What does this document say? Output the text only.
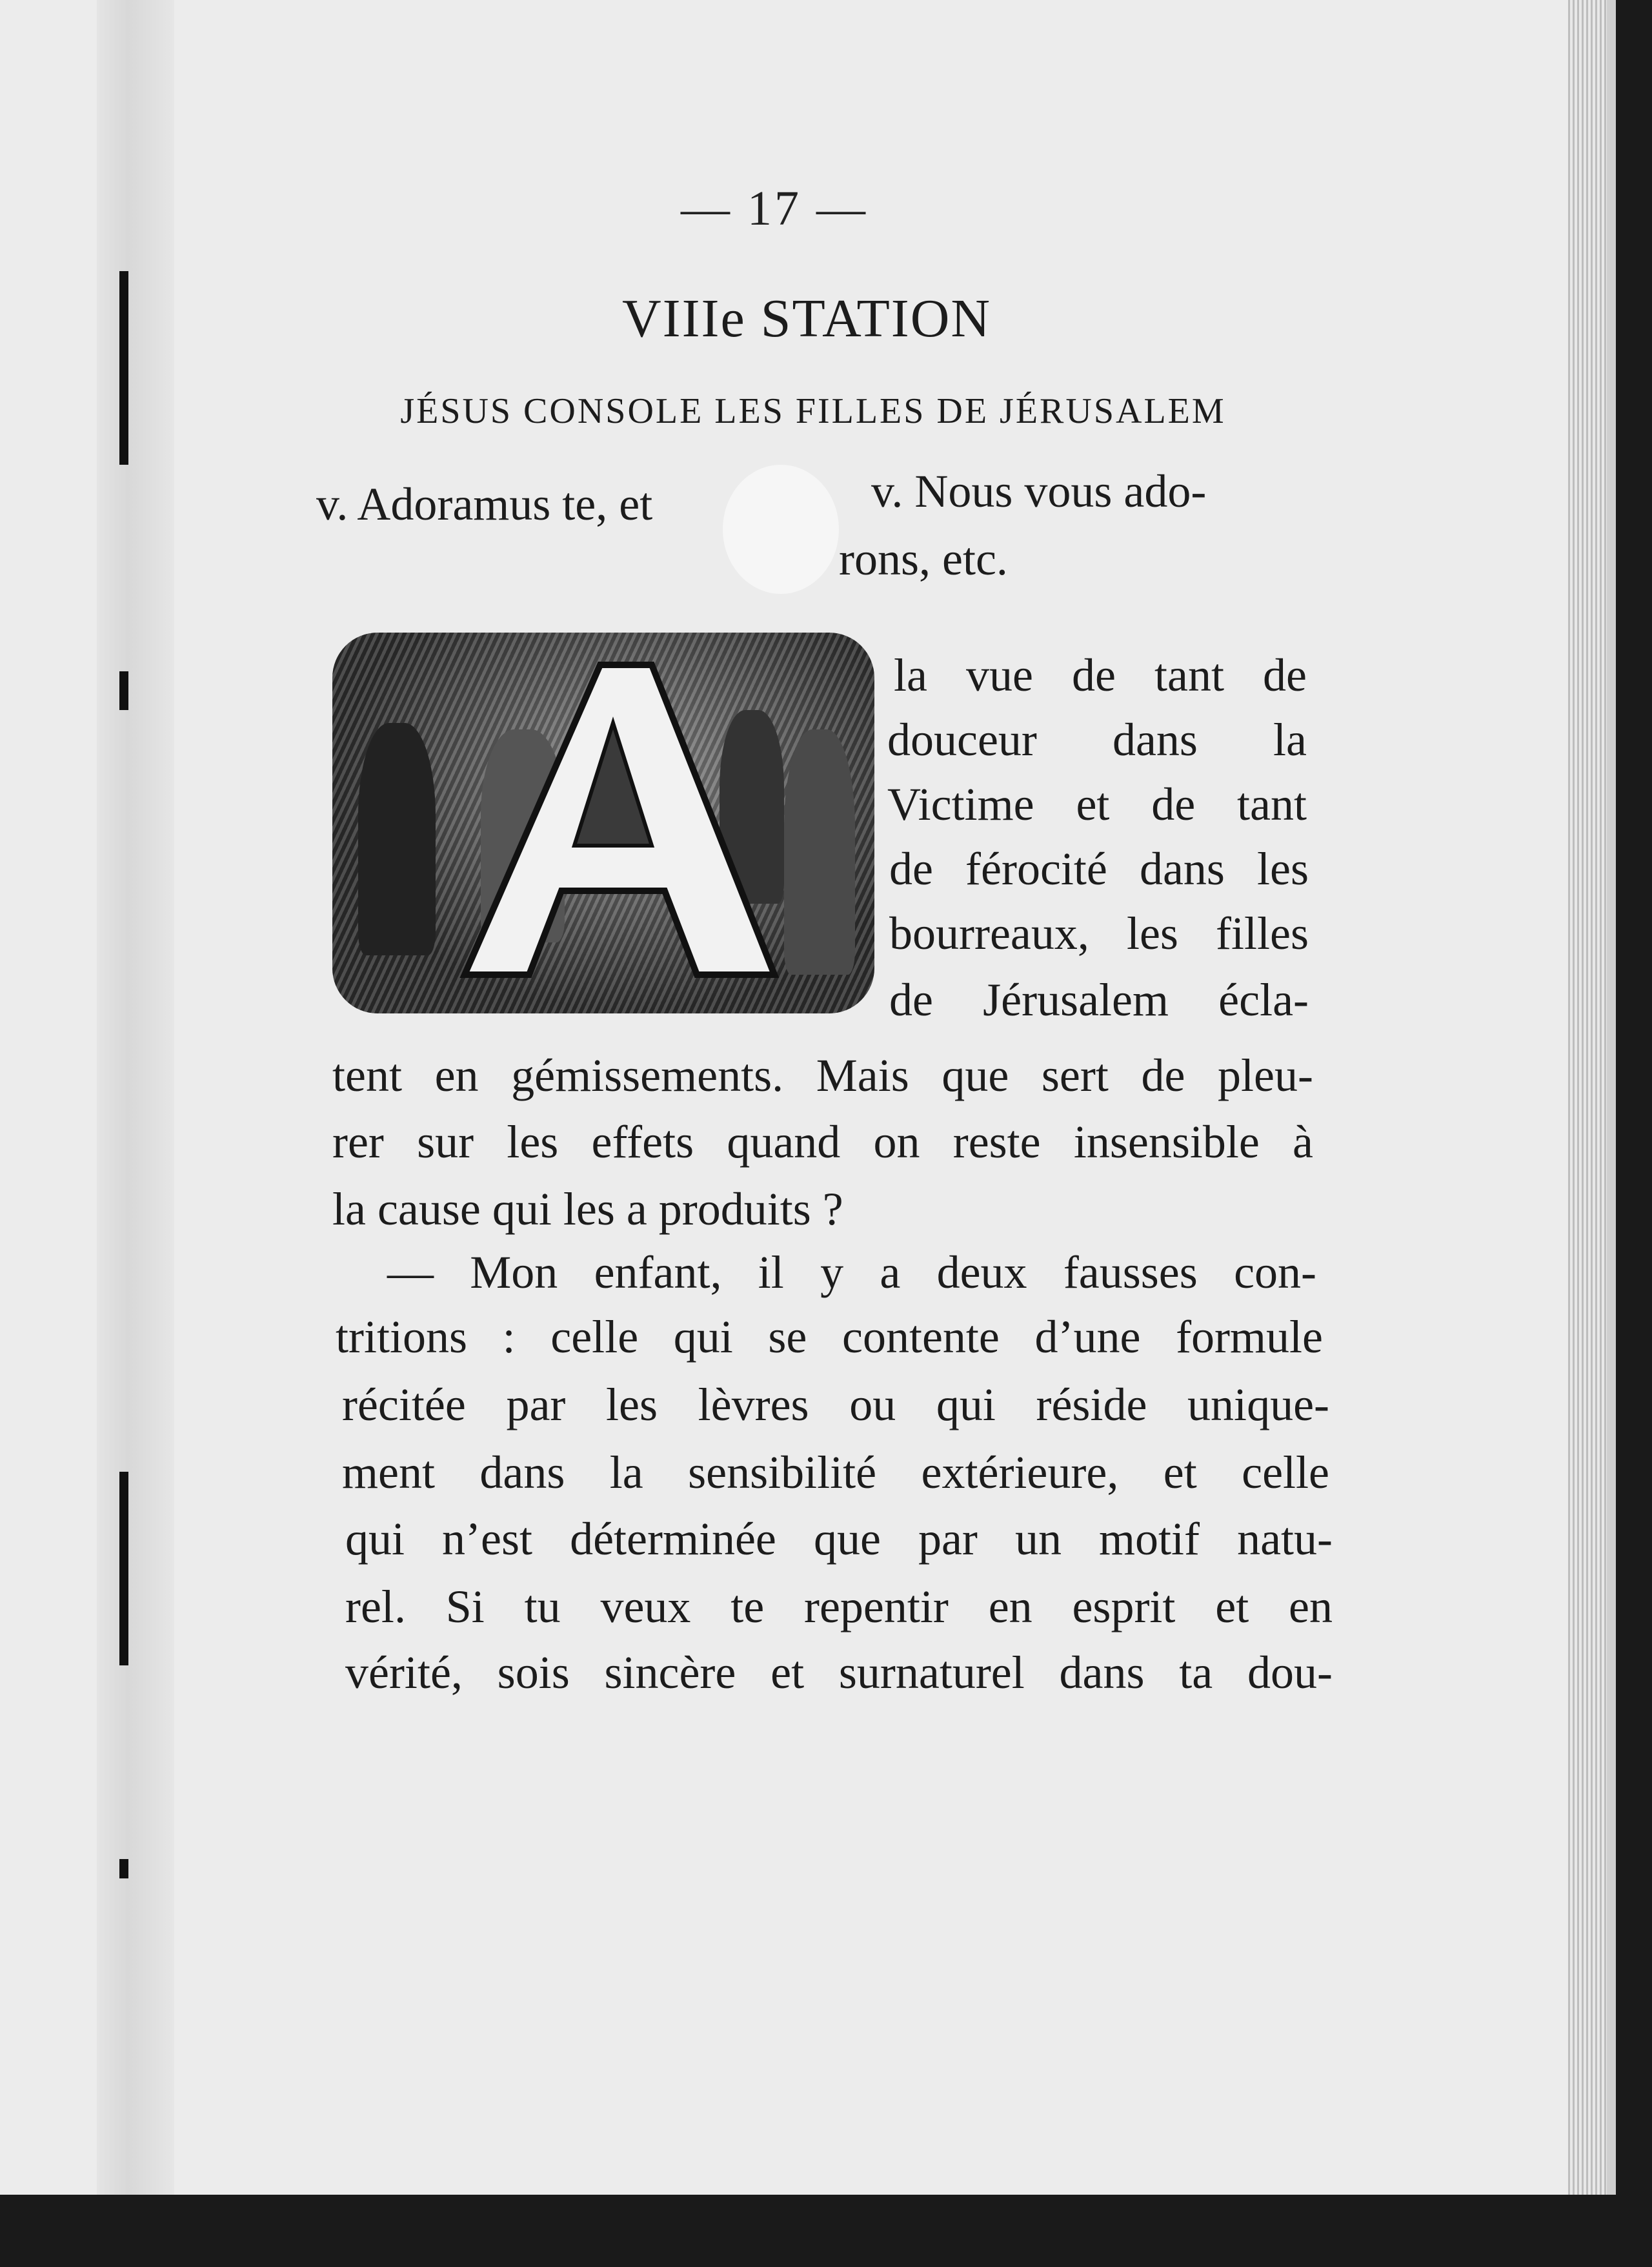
— 17 —
VIIIe STATION
JÉSUS CONSOLE LES FILLES DE JÉRUSALEM
v. Adoramus te, et	v. Nous vous ado-
rons, etc.
la vue de tant de
douceur dans la
Victime et de tant
de férocité dans les
bourreaux, les filles
de Jérusalem écla-
tent en gémissements. Mais que sert de pleu-
rer sur les effets quand on reste insensible à
la cause qui les a produits ?
— Mon enfant, il y a deux fausses con-
tritions : celle qui se contente d’une formule
récitée par les lèvres ou qui réside unique-
ment dans la sensibilité extérieure, et celle
qui n’est déterminée que par un motif natu-
rel. Si tu veux te repentir en esprit et en
vérité, sois sincère et surnaturel dans ta dou-
